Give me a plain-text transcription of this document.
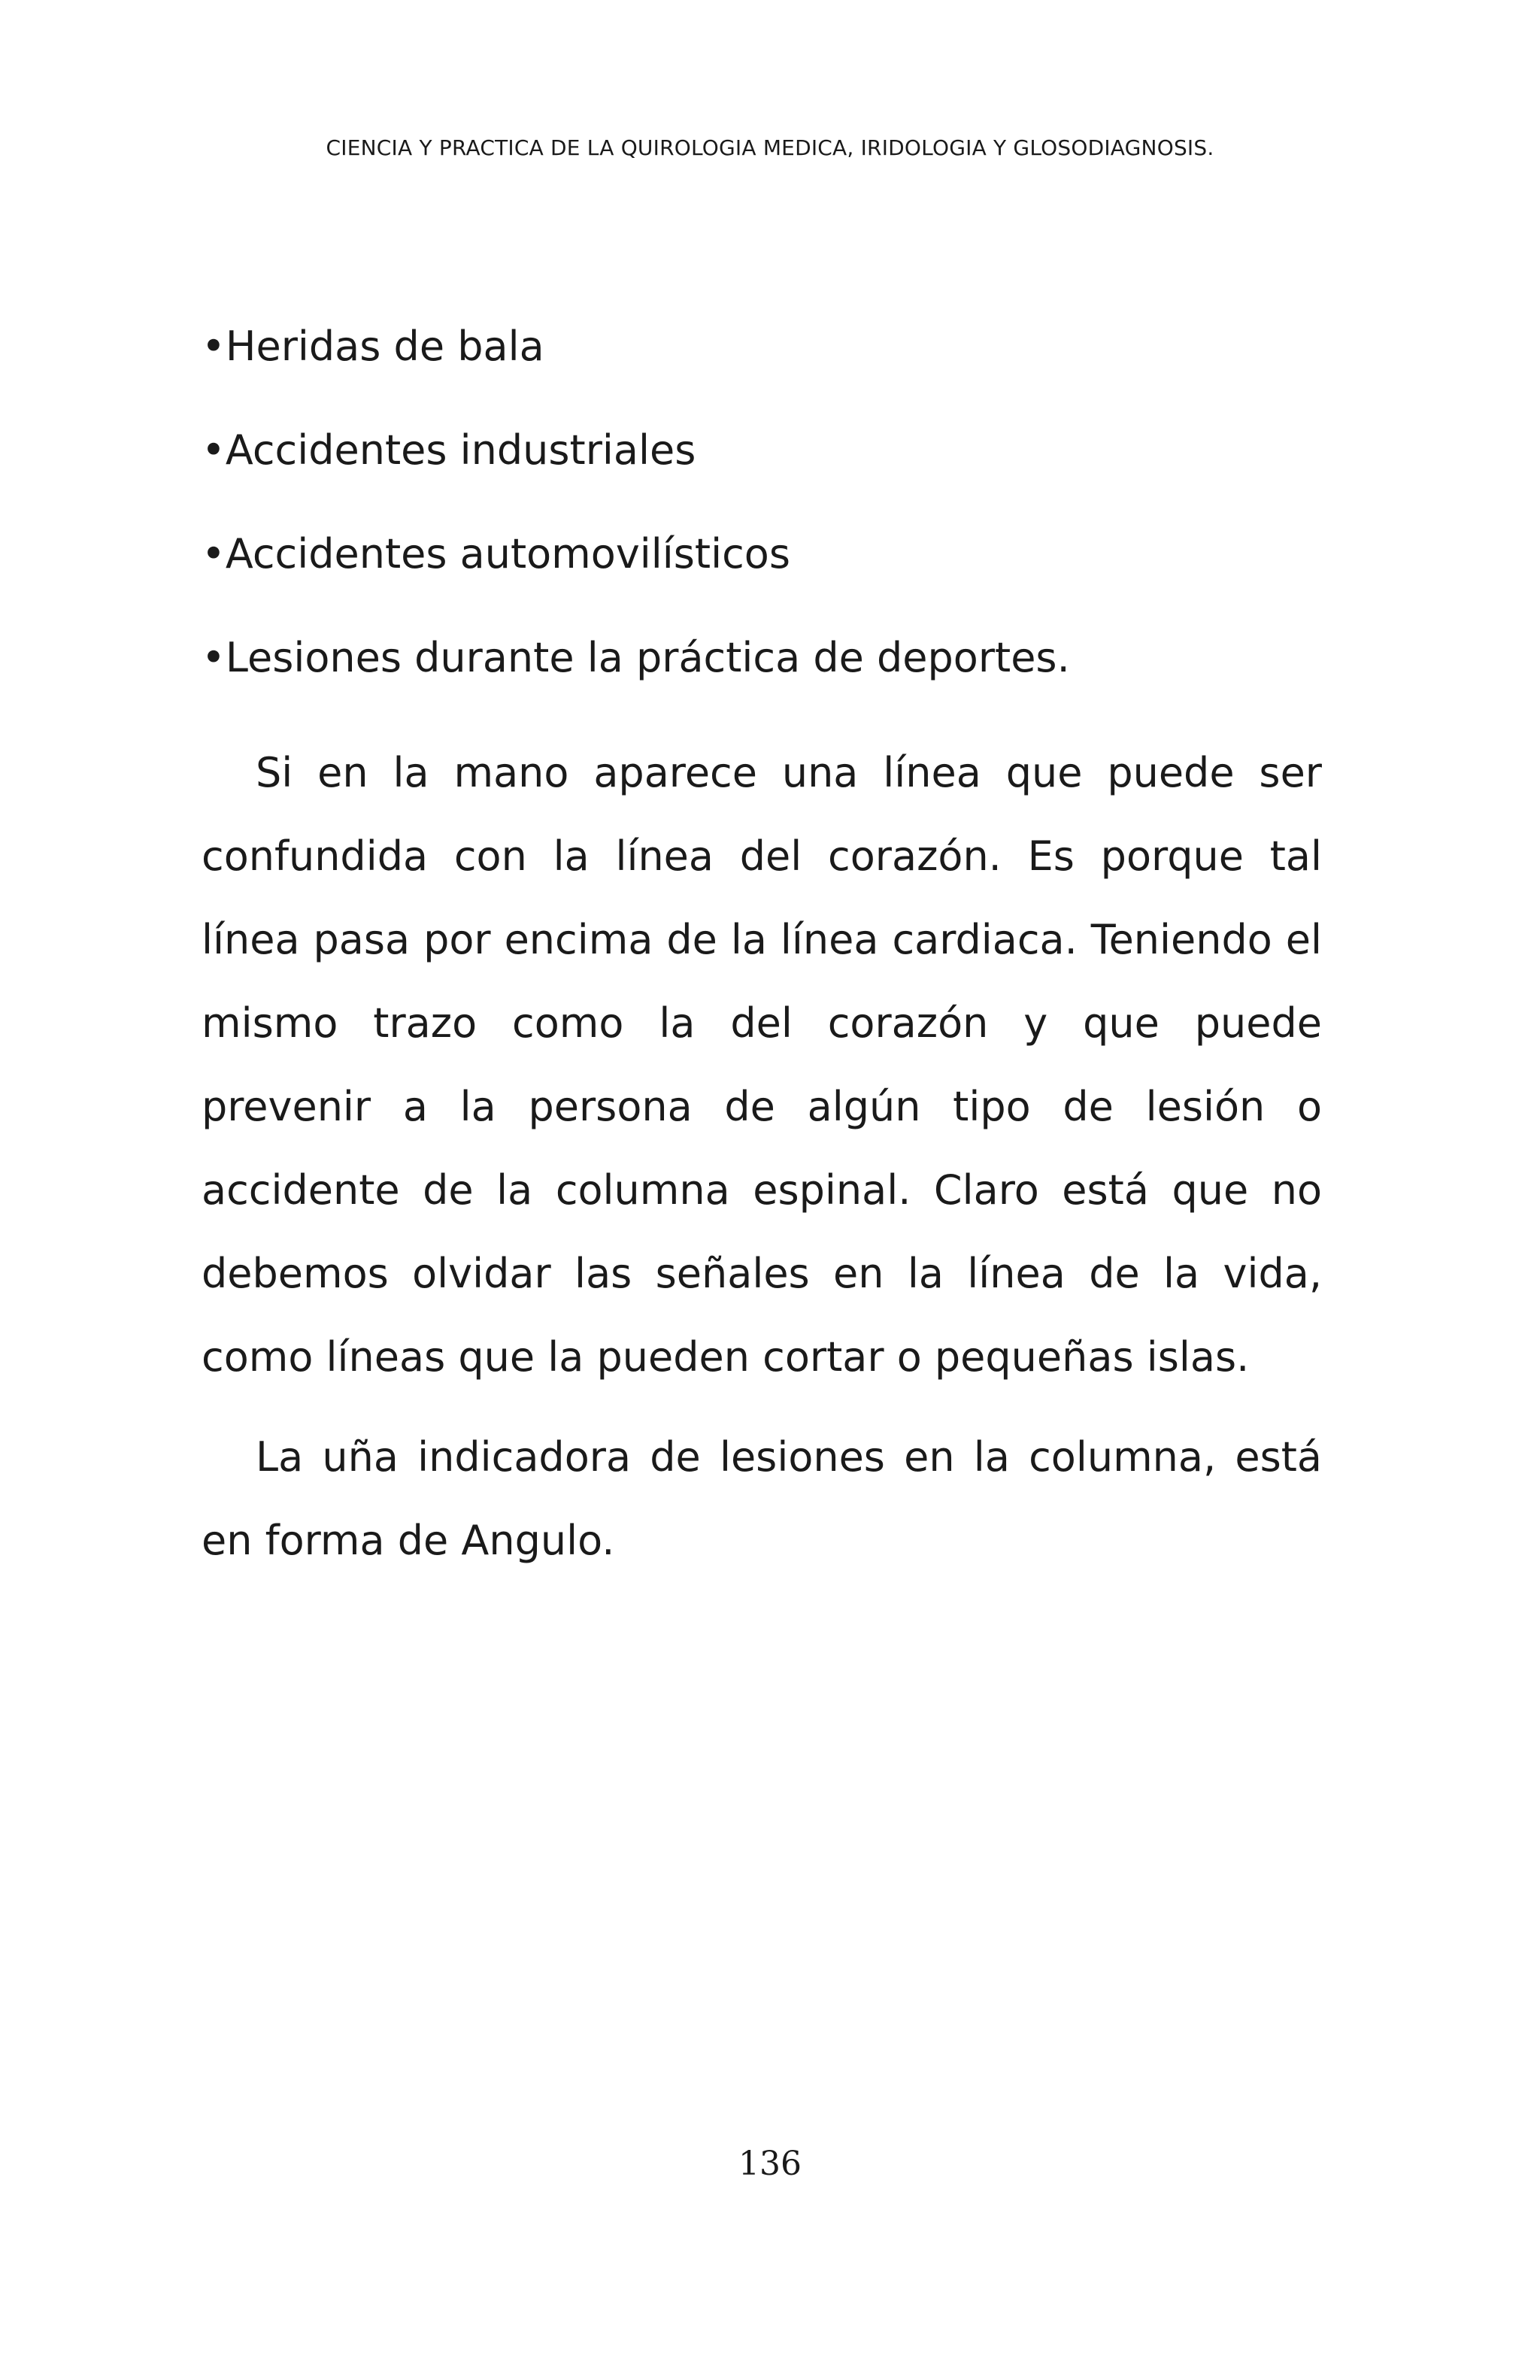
CIENCIA Y PRACTICA DE LA QUIROLOGIA MEDICA, IRIDOLOGIA Y GLOSODIAGNOSIS.
•Heridas de bala
•Accidentes industriales
•Accidentes automovilísticos
•Lesiones durante la práctica de deportes.

Si en la mano aparece una línea que puede ser confundida con la línea del corazón. Es porque tal línea pasa por encima de la línea cardiaca. Teniendo el mismo trazo como la del corazón y que puede prevenir a la persona de algún tipo de lesión o accidente de la columna espinal. Claro está que no debemos olvidar las señales en la línea de la vida, como líneas que la pueden cortar o pequeñas islas.

La uña indicadora de lesiones en la columna, está en forma de Angulo.

136
